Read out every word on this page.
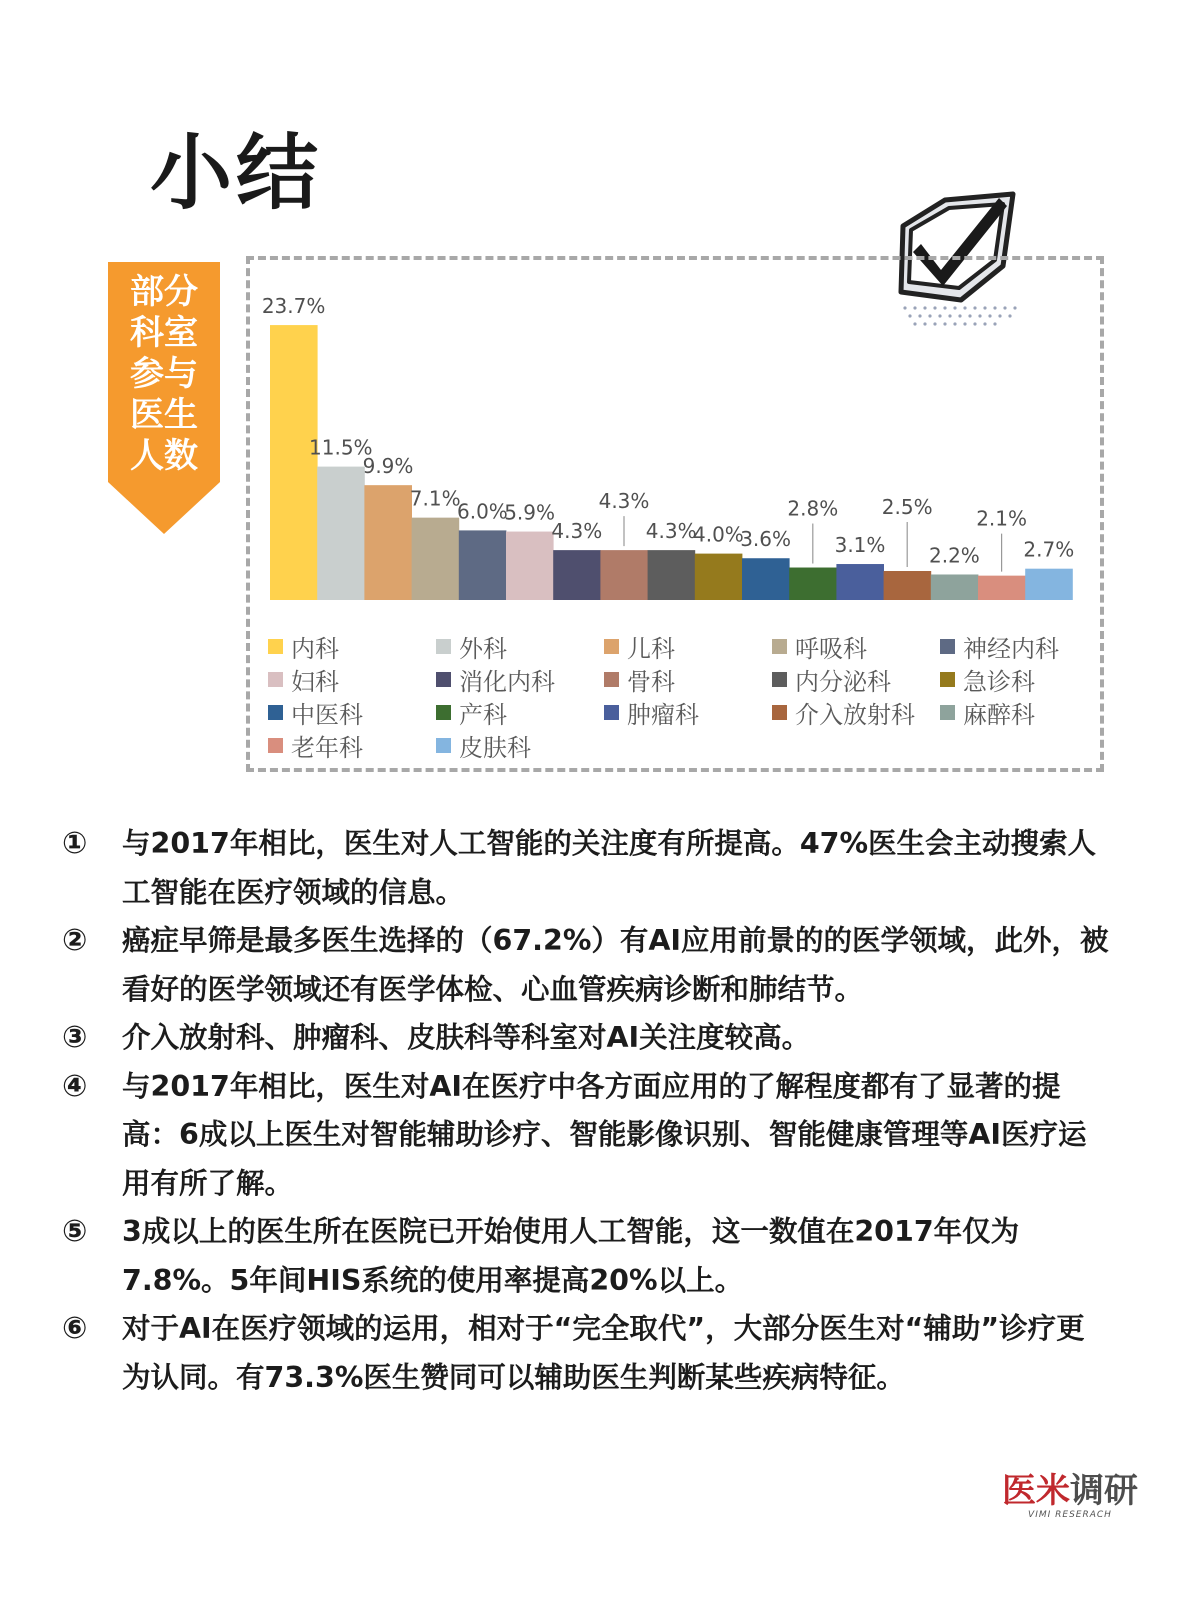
小结
部分
科室
参与
医生
人数
23.7%
11.5%
9.9%
7.1%
6.0%
5.9%
4.3%
4.3%
4.3%
4.0%
3.6%
2.8%
3.1%
2.5%
2.2%
2.1%
2.7%
内科	外科	儿科	呼吸科	神经内科
妇科	消化内科	骨科	内分泌科	急诊科
中医科	产科	肿瘤科	介入放射科 麻醉科
老年科	皮肤科
①	与2017年相比，医生对人工智能的关注度有所提高。47%医生会主动搜索人工智能在医疗领域的信息。
②	癌症早筛是最多医生选择的（67.2%）有AI应用前景的的医学领域，此外，被看好的医学领域还有医学体检、心血管疾病诊断和肺结节。
③	介入放射科、肿瘤科、皮肤科等科室对AI关注度较高。
④	与2017年相比，医生对AI在医疗中各方面应用的了解程度都有了显著的提高：6成以上医生对智能辅助诊疗、智能影像识别、智能健康管理等AI医疗运用有所了解。
⑤	3成以上的医生所在医院已开始使用人工智能，这一数值在2017年仅为7.8%。5年间HIS系统的使用率提高20%以上。
⑥	对于AI在医疗领域的运用，相对于“完全取代”，大部分医生对“辅助”诊疗更为认同。有73.3%医生赞同可以辅助医生判断某些疾病特征。
医米调研
VIMI RESERACH
